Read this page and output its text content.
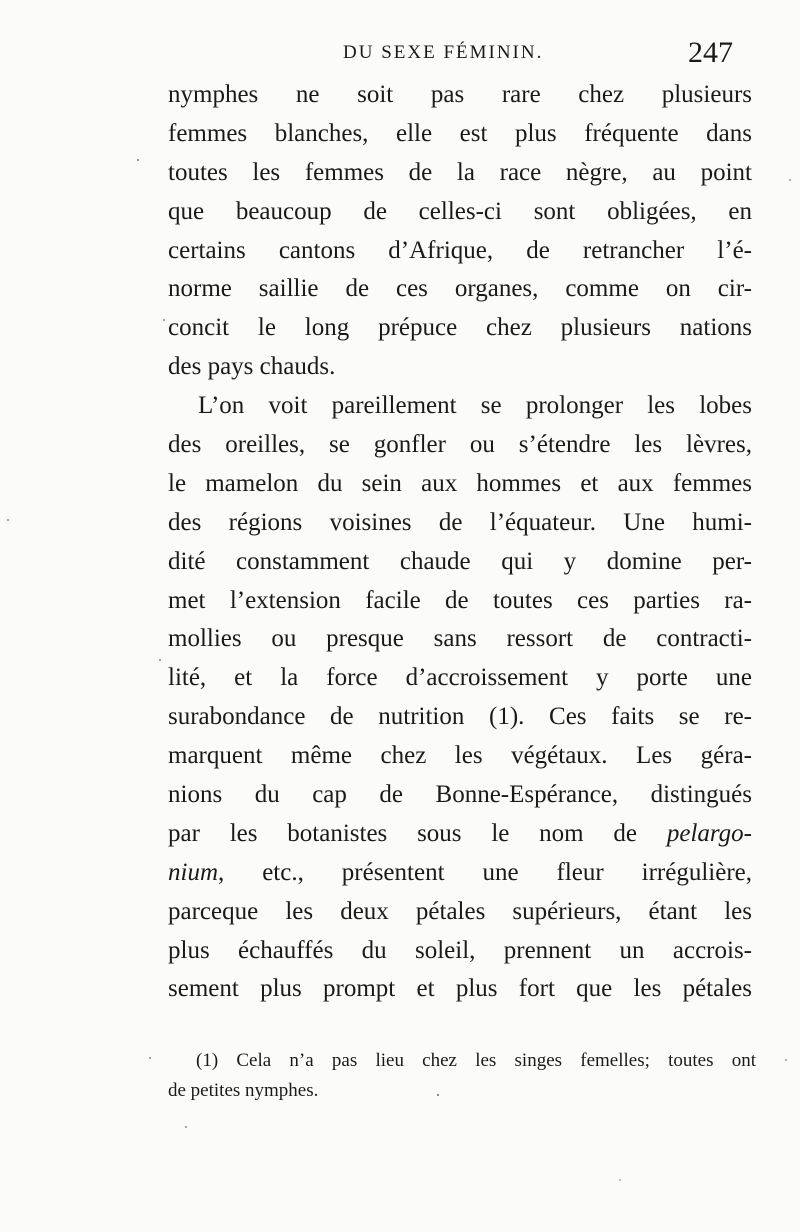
DU SEXE FÉMININ.	247
nymphes ne soit pas rare chez plusieurs
femmes blanches, elle est plus fréquente dans
toutes les femmes de la race nègre, au point
que beaucoup de celles-ci sont obligées, en
certains cantons d’Afrique, de retrancher l’é-
norme saillie de ces organes, comme on cir-
concit le long prépuce chez plusieurs nations
des pays chauds.
L’on voit pareillement se prolonger les lobes
des oreilles, se gonfler ou s’étendre les lèvres,
le mamelon du sein aux hommes et aux femmes
des régions voisines de l’équateur. Une humi-
dité constamment chaude qui y domine per-
met l’extension facile de toutes ces parties ra-
mollies ou presque sans ressort de contracti-
lité, et la force d’accroissement y porte une
surabondance de nutrition (1). Ces faits se re-
marquent même chez les végétaux. Les géra-
nions du cap de Bonne-Espérance, distingués
par les botanistes sous le nom de pelargo-
nium, etc., présentent une fleur irrégulière,
parceque les deux pétales supérieurs, étant les
plus échauffés du soleil, prennent un accrois-
sement plus prompt et plus fort que les pétales
(1) Cela n’a pas lieu chez les singes femelles; toutes ont
de petites nymphes.
